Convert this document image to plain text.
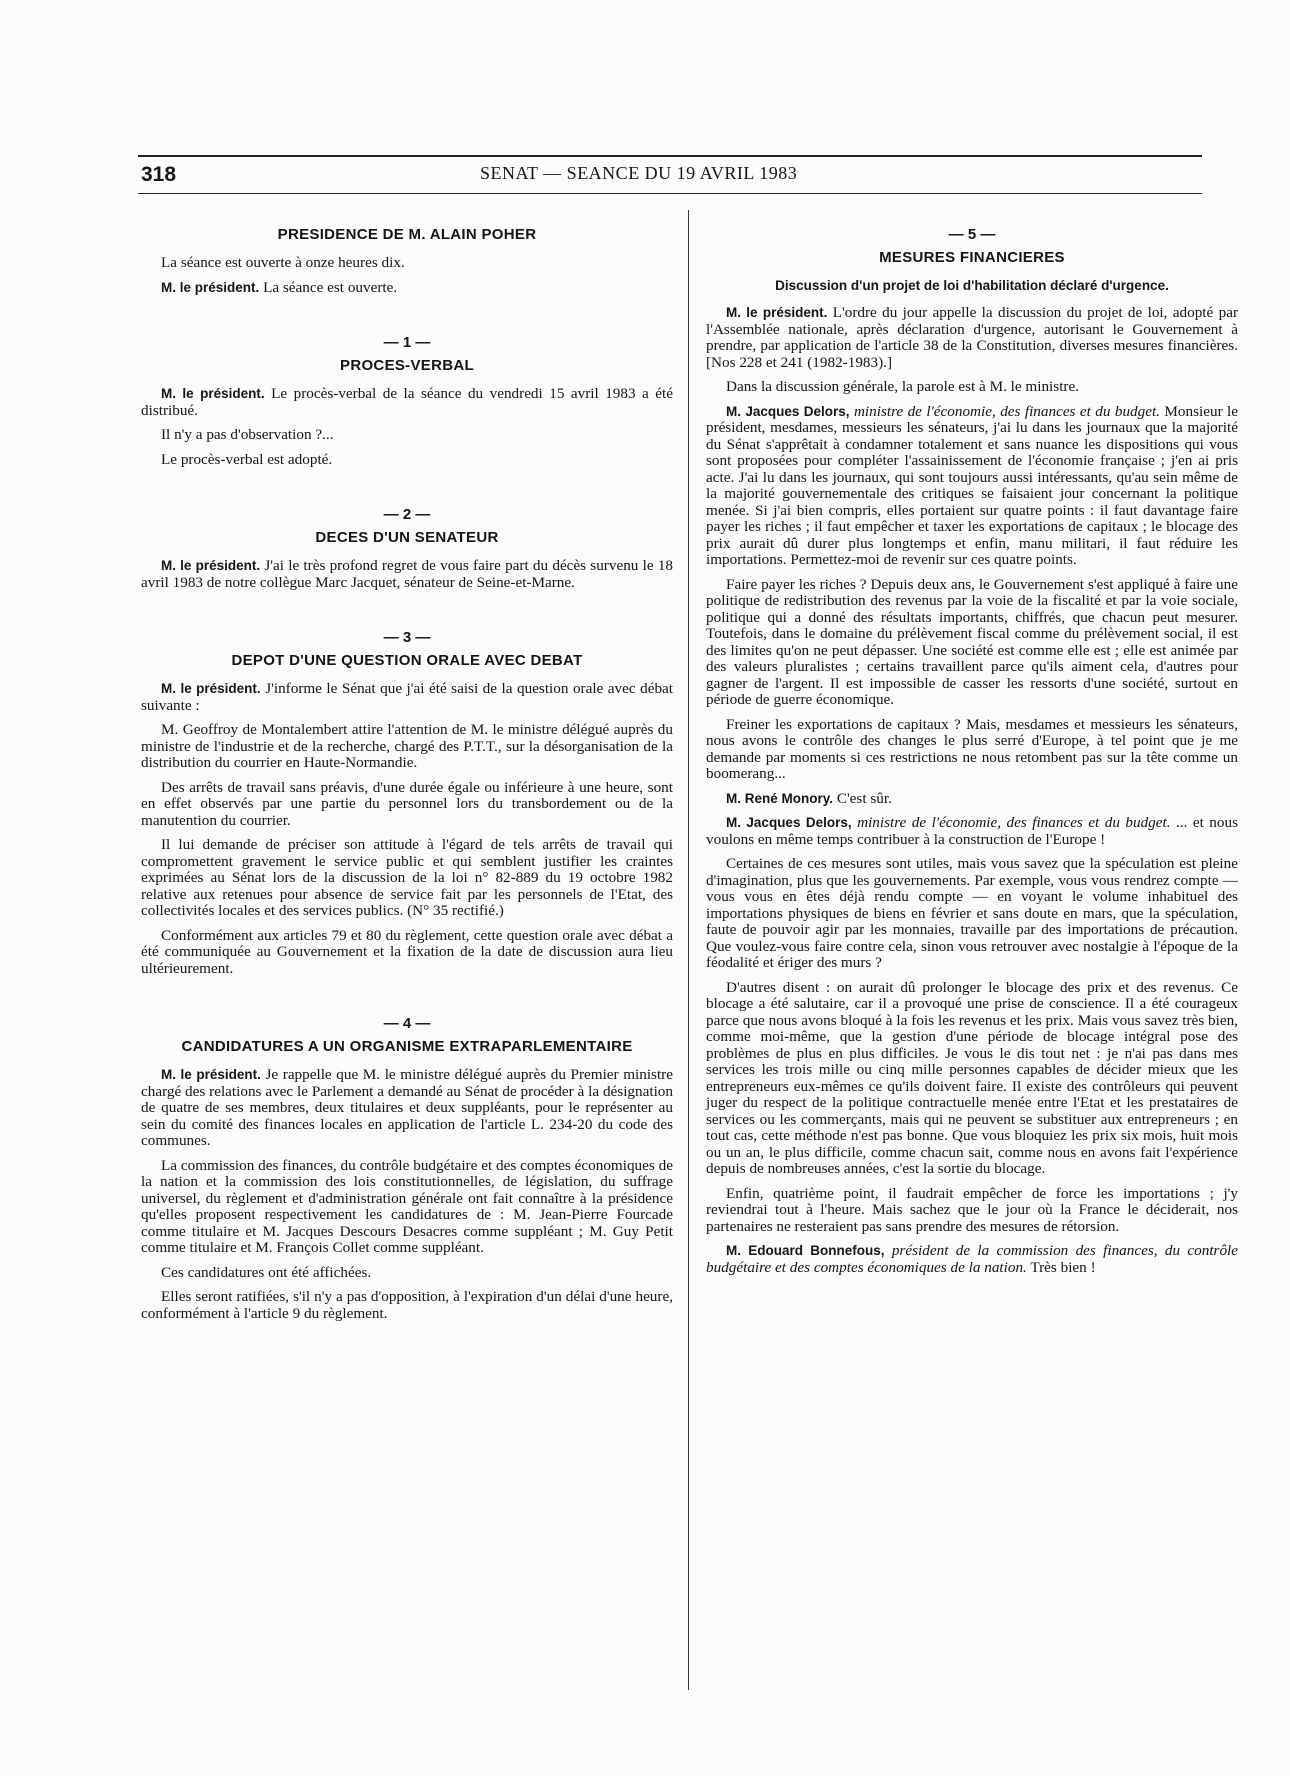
318	SENAT — SEANCE DU 19 AVRIL 1983
PRESIDENCE DE M. ALAIN POHER

La séance est ouverte à onze heures dix.

M. le président. La séance est ouverte.

— 1 —
PROCES-VERBAL

M. le président. Le procès-verbal de la séance du vendredi 15 avril 1983 a été distribué.

Il n'y a pas d'observation ?...

Le procès-verbal est adopté.

— 2 —
DECES D'UN SENATEUR

M. le président. J'ai le très profond regret de vous faire part du décès survenu le 18 avril 1983 de notre collègue Marc Jacquet, sénateur de Seine-et-Marne.

— 3 —
DEPOT D'UNE QUESTION ORALE AVEC DEBAT

M. le président. J'informe le Sénat que j'ai été saisi de la question orale avec débat suivante :

M. Geoffroy de Montalembert attire l'attention de M. le ministre délégué auprès du ministre de l'industrie et de la recherche, chargé des P.T.T., sur la désorganisation de la distribution du courrier en Haute-Normandie.

Des arrêts de travail sans préavis, d'une durée égale ou inférieure à une heure, sont en effet observés par une partie du personnel lors du transbordement ou de la manutention du courrier.

Il lui demande de préciser son attitude à l'égard de tels arrêts de travail qui compromettent gravement le service public et qui semblent justifier les craintes exprimées au Sénat lors de la discussion de la loi n° 82-889 du 19 octobre 1982 relative aux retenues pour absence de service fait par les personnels de l'Etat, des collectivités locales et des services publics. (N° 35 rectifié.)

Conformément aux articles 79 et 80 du règlement, cette question orale avec débat a été communiquée au Gouvernement et la fixation de la date de discussion aura lieu ultérieurement.

— 4 —
CANDIDATURES A UN ORGANISME EXTRAPARLEMENTAIRE

M. le président. Je rappelle que M. le ministre délégué auprès du Premier ministre chargé des relations avec le Parlement a demandé au Sénat de procéder à la désignation de quatre de ses membres, deux titulaires et deux suppléants, pour le représenter au sein du comité des finances locales en application de l'article L. 234-20 du code des communes.

La commission des finances, du contrôle budgétaire et des comptes économiques de la nation et la commission des lois constitutionnelles, de législation, du suffrage universel, du règlement et d'administration générale ont fait connaître à la présidence qu'elles proposent respectivement les candidatures de : M. Jean-Pierre Fourcade comme titulaire et M. Jacques Descours Desacres comme suppléant ; M. Guy Petit comme titulaire et M. François Collet comme suppléant.

Ces candidatures ont été affichées.

Elles seront ratifiées, s'il n'y a pas d'opposition, à l'expiration d'un délai d'une heure, conformément à l'article 9 du règlement.

— 5 —
MESURES FINANCIERES
Discussion d'un projet de loi d'habilitation déclaré d'urgence.

M. le président. L'ordre du jour appelle la discussion du projet de loi, adopté par l'Assemblée nationale, après déclaration d'urgence, autorisant le Gouvernement à prendre, par application de l'article 38 de la Constitution, diverses mesures financières. [Nos 228 et 241 (1982-1983).]

Dans la discussion générale, la parole est à M. le ministre.

M. Jacques Delors, ministre de l'économie, des finances et du budget. Monsieur le président, mesdames, messieurs les sénateurs, j'ai lu dans les journaux que la majorité du Sénat s'apprêtait à condamner totalement et sans nuance les dispositions qui vous sont proposées pour compléter l'assainissement de l'économie française ; j'en ai pris acte. J'ai lu dans les journaux, qui sont toujours aussi intéressants, qu'au sein même de la majorité gouvernementale des critiques se faisaient jour concernant la politique menée. Si j'ai bien compris, elles portaient sur quatre points : il faut davantage faire payer les riches ; il faut empêcher et taxer les exportations de capitaux ; le blocage des prix aurait dû durer plus longtemps et enfin, manu militari, il faut réduire les importations. Permettez-moi de revenir sur ces quatre points.

Faire payer les riches ? Depuis deux ans, le Gouvernement s'est appliqué à faire une politique de redistribution des revenus par la voie de la fiscalité et par la voie sociale, politique qui a donné des résultats importants, chiffrés, que chacun peut mesurer. Toutefois, dans le domaine du prélèvement fiscal comme du prélèvement social, il est des limites qu'on ne peut dépasser. Une société est comme elle est ; elle est animée par des valeurs pluralistes ; certains travaillent parce qu'ils aiment cela, d'autres pour gagner de l'argent. Il est impossible de casser les ressorts d'une société, surtout en période de guerre économique.

Freiner les exportations de capitaux ? Mais, mesdames et messieurs les sénateurs, nous avons le contrôle des changes le plus serré d'Europe, à tel point que je me demande par moments si ces restrictions ne nous retombent pas sur la tête comme un boomerang...

M. René Monory. C'est sûr.

M. Jacques Delors, ministre de l'économie, des finances et du budget. ... et nous voulons en même temps contribuer à la construction de l'Europe !

Certaines de ces mesures sont utiles, mais vous savez que la spéculation est pleine d'imagination, plus que les gouvernements. Par exemple, vous vous rendrez compte — vous vous en êtes déjà rendu compte — en voyant le volume inhabituel des importations physiques de biens en février et sans doute en mars, que la spéculation, faute de pouvoir agir par les monnaies, travaille par des importations de précaution. Que voulez-vous faire contre cela, sinon vous retrouver avec nostalgie à l'époque de la féodalité et ériger des murs ?

D'autres disent : on aurait dû prolonger le blocage des prix et des revenus. Ce blocage a été salutaire, car il a provoqué une prise de conscience. Il a été courageux parce que nous avons bloqué à la fois les revenus et les prix. Mais vous savez très bien, comme moi-même, que la gestion d'une période de blocage intégral pose des problèmes de plus en plus difficiles. Je vous le dis tout net : je n'ai pas dans mes services les trois mille ou cinq mille personnes capables de décider mieux que les entrepreneurs eux-mêmes ce qu'ils doivent faire. Il existe des contrôleurs qui peuvent juger du respect de la politique contractuelle menée entre l'Etat et les prestataires de services ou les commerçants, mais qui ne peuvent se substituer aux entrepreneurs ; en tout cas, cette méthode n'est pas bonne. Que vous bloquiez les prix six mois, huit mois ou un an, le plus difficile, comme chacun sait, comme nous en avons fait l'expérience depuis de nombreuses années, c'est la sortie du blocage.

Enfin, quatrième point, il faudrait empêcher de force les importations ; j'y reviendrai tout à l'heure. Mais sachez que le jour où la France le déciderait, nos partenaires ne resteraient pas sans prendre des mesures de rétorsion.

M. Edouard Bonnefous, président de la commission des finances, du contrôle budgétaire et des comptes économiques de la nation. Très bien !
